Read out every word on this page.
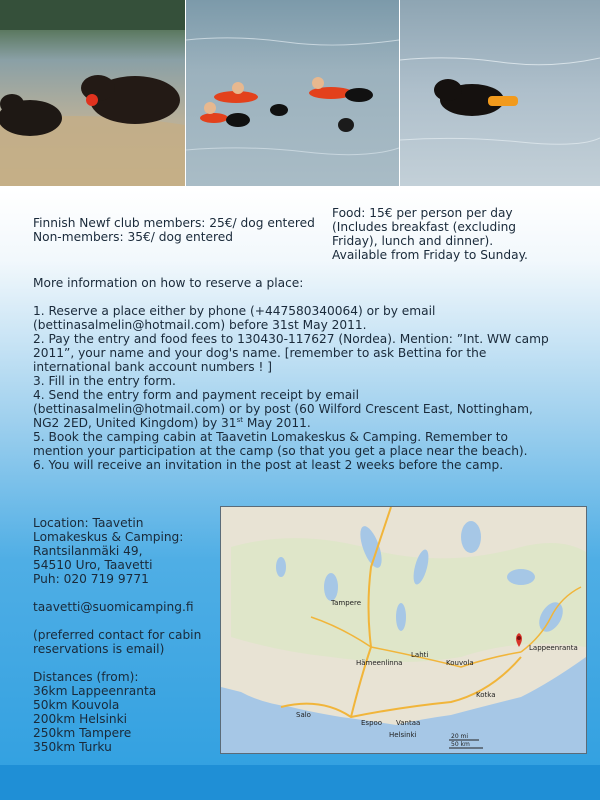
Finnish Newf club members: 25€/ dog entered
Non-members: 35€/ dog entered
Food: 15€ per person per day
(Includes breakfast (excluding
Friday), lunch and dinner).
Available from Friday to Sunday.
More information on how to reserve a place:
1. Reserve a place either by phone (+447580340064) or by email
(bettinasalmelin@hotmail.com) before 31st May 2011.
2. Pay the entry and food fees to 130430-117627 (Nordea). Mention: ”Int. WW camp
2011”, your name and your dog's name. [remember to ask Bettina for the
international bank account numbers ! ]
3. Fill in the entry form.
4. Send the entry form and payment receipt by email
(bettinasalmelin@hotmail.com) or by post (60 Wilford Crescent East, Nottingham,
NG2 2ED, United Kingdom) by 31st May 2011.
5. Book the camping cabin at Taavetin Lomakeskus & Camping. Remember to
mention your participation at the camp (so that you get a place near the beach).
6. You will receive an invitation in the post at least 2 weeks before the camp.
Location: Taavetin
Lomakeskus & Camping:
Rantsilanmäki 49,
54510 Uro, Taavetti
Puh: 020 719 9771
taavetti@suomicamping.fi
(preferred contact for cabin
reservations is email)
Distances (from):
36km Lappeenranta
50km Kouvola
200km Helsinki
250km Tampere
350km Turku
Tampere
Lappeenranta
Lahti
Kouvola
Hämeenlinna
Helsinki
Espoo Vantaa
Salo
Kotka
20 mi
50 km
